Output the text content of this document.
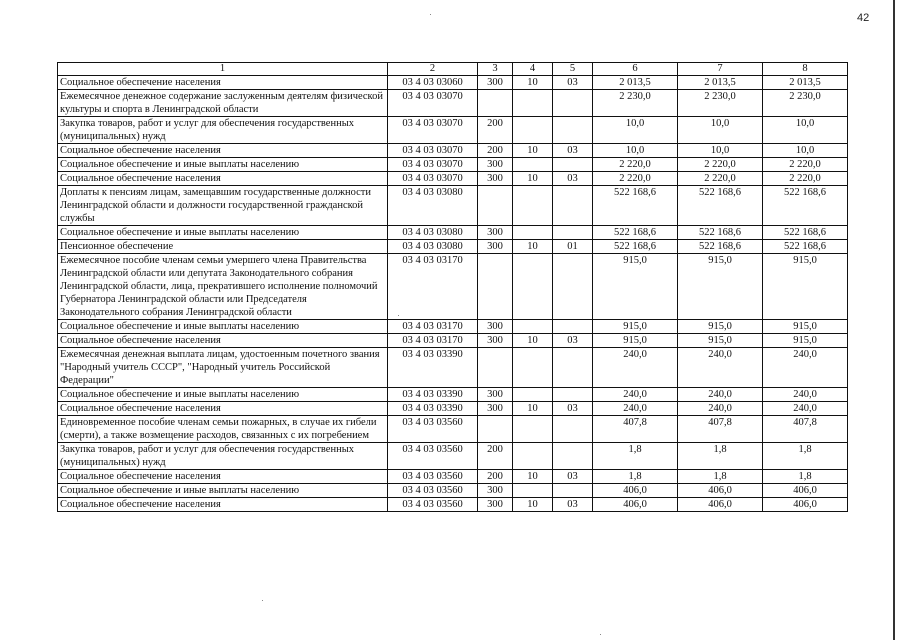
42
1	2	3	4	5	6	7	8
Социальное обеспечение населения	03 4 03 03060	300	10	03	2 013,5	2 013,5	2 013,5
Ежемесячное денежное содержание заслуженным деятелям физической культуры и спорта в Ленинградской области	03 4 03 03070				2 230,0	2 230,0	2 230,0
Закупка товаров, работ и услуг для обеспечения государственных (муниципальных) нужд	03 4 03 03070	200			10,0	10,0	10,0
Социальное обеспечение населения	03 4 03 03070	200	10	03	10,0	10,0	10,0
Социальное обеспечение и иные выплаты населению	03 4 03 03070	300			2 220,0	2 220,0	2 220,0
Социальное обеспечение населения	03 4 03 03070	300	10	03	2 220,0	2 220,0	2 220,0
Доплаты к пенсиям лицам, замещавшим государственные должности Ленинградской области и должности государственной гражданской службы	03 4 03 03080				522 168,6	522 168,6	522 168,6
Социальное обеспечение и иные выплаты населению	03 4 03 03080	300			522 168,6	522 168,6	522 168,6
Пенсионное обеспечение	03 4 03 03080	300	10	01	522 168,6	522 168,6	522 168,6
Ежемесячное пособие членам семьи умершего члена Правительства Ленинградской области или депутата Законодательного собрания Ленинградской области, лица, прекратившего исполнение полномочий Губернатора Ленинградской области или Председателя Законодательного собрания Ленинградской области	03 4 03 03170				915,0	915,0	915,0
Социальное обеспечение и иные выплаты населению	03 4 03 03170	300			915,0	915,0	915,0
Социальное обеспечение населения	03 4 03 03170	300	10	03	915,0	915,0	915,0
Ежемесячная денежная выплата лицам, удостоенным почетного звания "Народный учитель СССР", "Народный учитель Российской Федерации"	03 4 03 03390				240,0	240,0	240,0
Социальное обеспечение и иные выплаты населению	03 4 03 03390	300			240,0	240,0	240,0
Социальное обеспечение населения	03 4 03 03390	300	10	03	240,0	240,0	240,0
Единовременное пособие членам семьи пожарных, в случае их гибели (смерти), а также возмещение расходов, связанных с их погребением	03 4 03 03560				407,8	407,8	407,8
Закупка товаров, работ и услуг для обеспечения государственных (муниципальных) нужд	03 4 03 03560	200			1,8	1,8	1,8
Социальное обеспечение населения	03 4 03 03560	200	10	03	1,8	1,8	1,8
Социальное обеспечение и иные выплаты населению	03 4 03 03560	300			406,0	406,0	406,0
Социальное обеспечение населения	03 4 03 03560	300	10	03	406,0	406,0	406,0
